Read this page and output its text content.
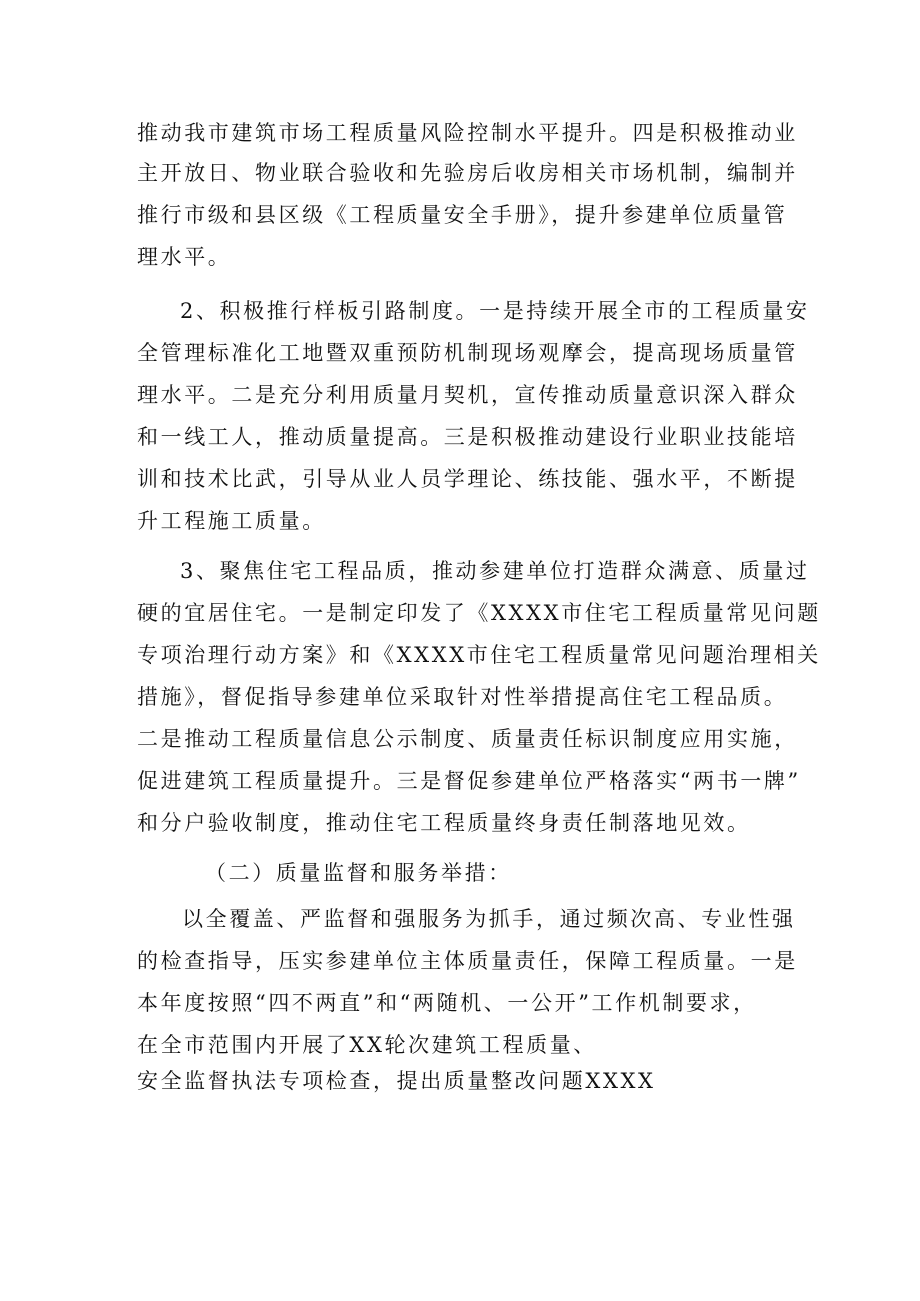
推动我市建筑市场工程质量风险控制水平提升。四是积极推动业
主开放日、物业联合验收和先验房后收房相关市场机制，编制并
推行市级和县区级《工程质量安全手册》，提升参建单位质量管
理水平。
2、积极推行样板引路制度。一是持续开展全市的工程质量安
全管理标准化工地暨双重预防机制现场观摩会，提高现场质量管
理水平。二是充分利用质量月契机，宣传推动质量意识深入群众
和一线工人，推动质量提高。三是积极推动建设行业职业技能培
训和技术比武，引导从业人员学理论、练技能、强水平，不断提
升工程施工质量。
3、聚焦住宅工程品质，推动参建单位打造群众满意、质量过
硬的宜居住宅。一是制定印发了《XXXX市住宅工程质量常见问题
专项治理行动方案》和《XXXX市住宅工程质量常见问题治理相关
措施》，督促指导参建单位采取针对性举措提高住宅工程品质。
二是推动工程质量信息公示制度、质量责任标识制度应用实施，
促进建筑工程质量提升。三是督促参建单位严格落实“两书一牌”
和分户验收制度，推动住宅工程质量终身责任制落地见效。
（二）质量监督和服务举措：
以全覆盖、严监督和强服务为抓手，通过频次高、专业性强
的检查指导，压实参建单位主体质量责任，保障工程质量。一是
本年度按照“四不两直”和“两随机、一公开”工作机制要求，
在全市范围内开展了XX轮次建筑工程质量、
安全监督执法专项检查，提出质量整改问题XXXX
